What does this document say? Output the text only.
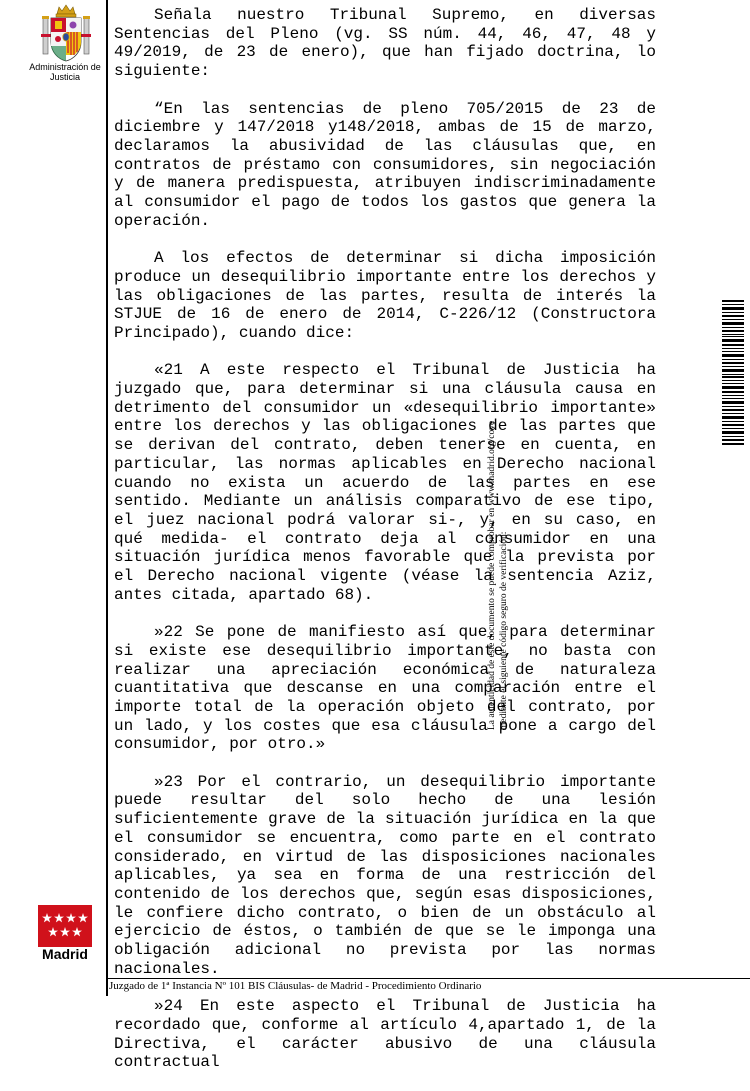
Administración de Justicia
Madrid

Señala nuestro Tribunal Supremo, en diversas Sentencias del Pleno (vg. SS núm. 44, 46, 47, 48 y 49/2019, de 23 de enero), que han fijado doctrina, lo siguiente:

“En las sentencias de pleno 705/2015 de 23 de diciembre y 147/2018 y148/2018, ambas de 15 de marzo, declaramos la abusividad de las cláusulas que, en contratos de préstamo con consumidores, sin negociación y de manera predispuesta, atribuyen indiscriminadamente al consumidor el pago de todos los gastos que genera la operación.

A los efectos de determinar si dicha imposición produce un desequilibrio importante entre los derechos y las obligaciones de las partes, resulta de interés la STJUE de 16 de enero de 2014, C-226/12 (Constructora Principado), cuando dice:

«21 A este respecto el Tribunal de Justicia ha juzgado que, para determinar si una cláusula causa en detrimento del consumidor un «desequilibrio importante» entre los derechos y las obligaciones de las partes que se derivan del contrato, deben tenerse en cuenta, en particular, las normas aplicables en Derecho nacional cuando no exista un acuerdo de las partes en ese sentido. Mediante un análisis comparativo de ese tipo, el juez nacional podrá valorar si-, y, en su caso, en qué medida- el contrato deja al consumidor en una situación jurídica menos favorable que la prevista por el Derecho nacional vigente (véase la sentencia Aziz, antes citada, apartado 68).

»22 Se pone de manifiesto así que, para determinar si existe ese desequilibrio importante, no basta con realizar una apreciación económica de naturaleza cuantitativa que descanse en una comparación entre el importe total de la operación objeto del contrato, por un lado, y los costes que esa cláusula pone a cargo del consumidor, por otro.»

»23 Por el contrario, un desequilibrio importante puede resultar del solo hecho de una lesión suficientemente grave de la situación jurídica en la que el consumidor se encuentra, como parte en el contrato considerado, en virtud de las disposiciones nacionales aplicables, ya sea en forma de una restricción del contenido de los derechos que, según esas disposiciones, le confiere dicho contrato, o bien de un obstáculo al ejercicio de éstos, o también de que se le imponga una obligación adicional no prevista por las normas nacionales.

»24 En este aspecto el Tribunal de Justicia ha recordado que, conforme al artículo 4,apartado 1, de la Directiva, el carácter abusivo de una cláusula contractual

La autenticidad de este documento se puede comprobar en www.madrid.org/cove mediante el siguiente código seguro de verificación:
Juzgado de 1ª Instancia Nº 101 BIS Cláusulas- de Madrid - Procedimiento Ordinario
